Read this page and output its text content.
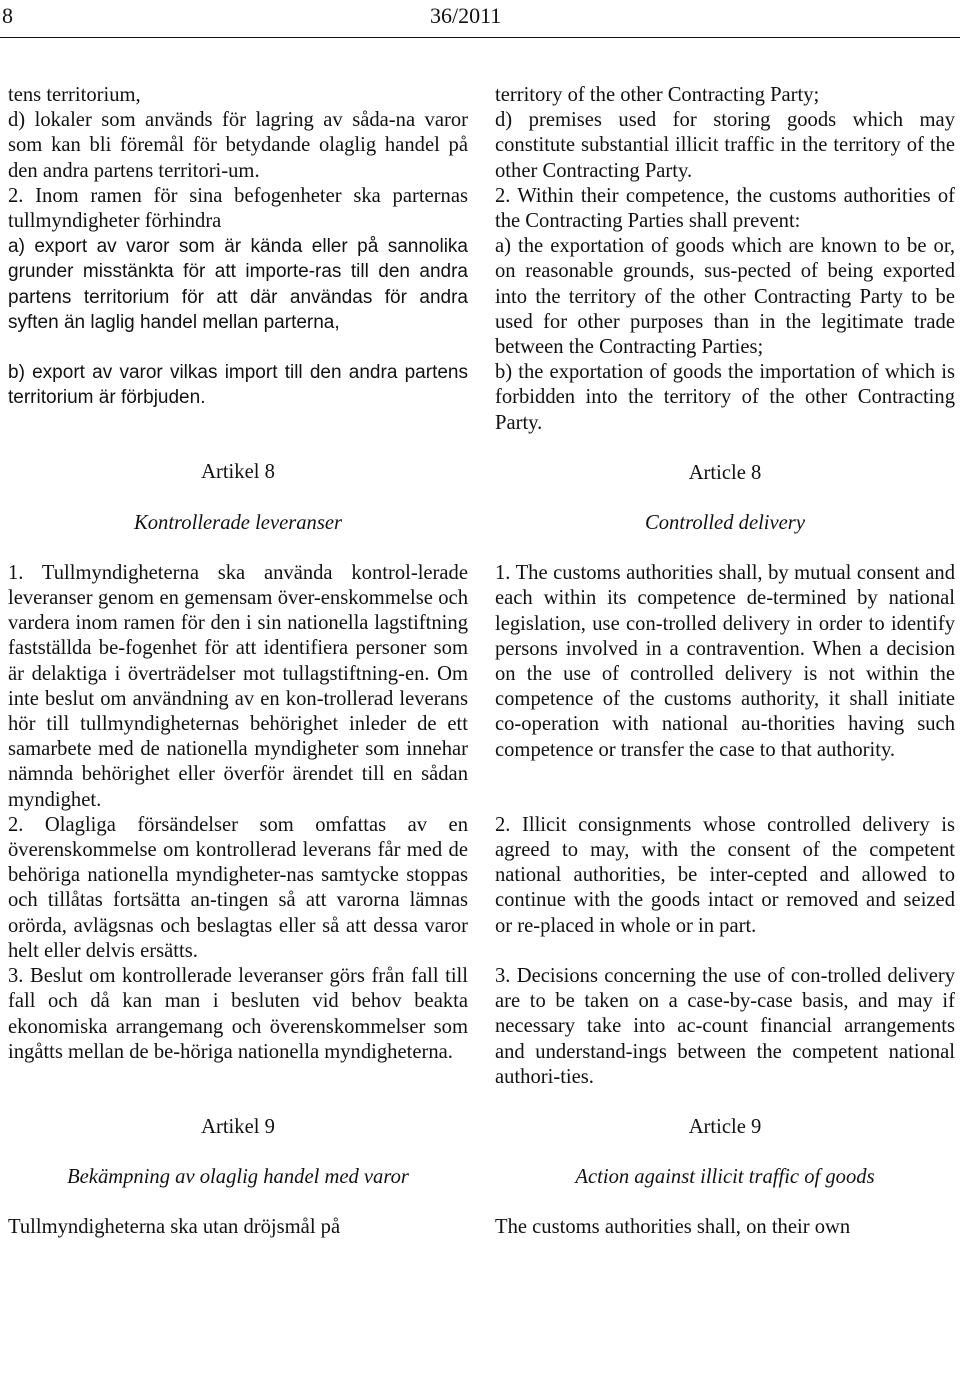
8	36/2011

tens territorium,

d) lokaler som används för lagring av såda-na varor som kan bli föremål för betydande olaglig handel på den andra partens territori-um.

2. Inom ramen för sina befogenheter ska parternas tullmyndigheter förhindra

a) export av varor som är kända eller på sannolika grunder misstänkta för att importe-ras till den andra partens territorium för att där användas för andra syften än laglig handel mellan parterna,

b) export av varor vilkas import till den andra partens territorium är förbjuden.

Artikel 8

Kontrollerade leveranser

1. Tullmyndigheterna ska använda kontrol-lerade leveranser genom en gemensam över-enskommelse och vardera inom ramen för den i sin nationella lagstiftning fastställda be-fogenhet för att identifiera personer som är delaktiga i överträdelser mot tullagstiftning-en. Om inte beslut om användning av en kon-trollerad leverans hör till tullmyndigheternas behörighet inleder de ett samarbete med de nationella myndigheter som innehar nämnda behörighet eller överför ärendet till en sådan myndighet.

2. Olagliga försändelser som omfattas av en överenskommelse om kontrollerad leverans får med de behöriga nationella myndigheter-nas samtycke stoppas och tillåtas fortsätta an-tingen så att varorna lämnas orörda, avlägsnas och beslagtas eller så att dessa varor helt eller delvis ersätts.

3. Beslut om kontrollerade leveranser görs från fall till fall och då kan man i besluten vid behov beakta ekonomiska arrangemang och överenskommelser som ingåtts mellan de be-höriga nationella myndigheterna.

Artikel 9

Bekämpning av olaglig handel med varor

Tullmyndigheterna ska utan dröjsmål på

territory of the other Contracting Party;

d) premises used for storing goods which may constitute substantial illicit traffic in the territory of the other Contracting Party.

2. Within their competence, the customs authorities of the Contracting Parties shall prevent:

a) the exportation of goods which are known to be or, on reasonable grounds, sus-pected of being exported into the territory of the other Contracting Party to be used for other purposes than in the legitimate trade between the Contracting Parties;

b) the exportation of goods the importation of which is forbidden into the territory of the other Contracting Party.

Article 8

Controlled delivery

1. The customs authorities shall, by mutual consent and each within its competence de-termined by national legislation, use con-trolled delivery in order to identify persons involved in a contravention. When a decision on the use of controlled delivery is not within the competence of the customs authority, it shall initiate co-operation with national au-thorities having such competence or transfer the case to that authority.

2. Illicit consignments whose controlled delivery is agreed to may, with the consent of the competent national authorities, be inter-cepted and allowed to continue with the goods intact or removed and seized or re-placed in whole or in part.

3. Decisions concerning the use of con-trolled delivery are to be taken on a case-by-case basis, and may if necessary take into ac-count financial arrangements and understand-ings between the competent national authori-ties.

Article 9

Action against illicit traffic of goods

The customs authorities shall, on their own
